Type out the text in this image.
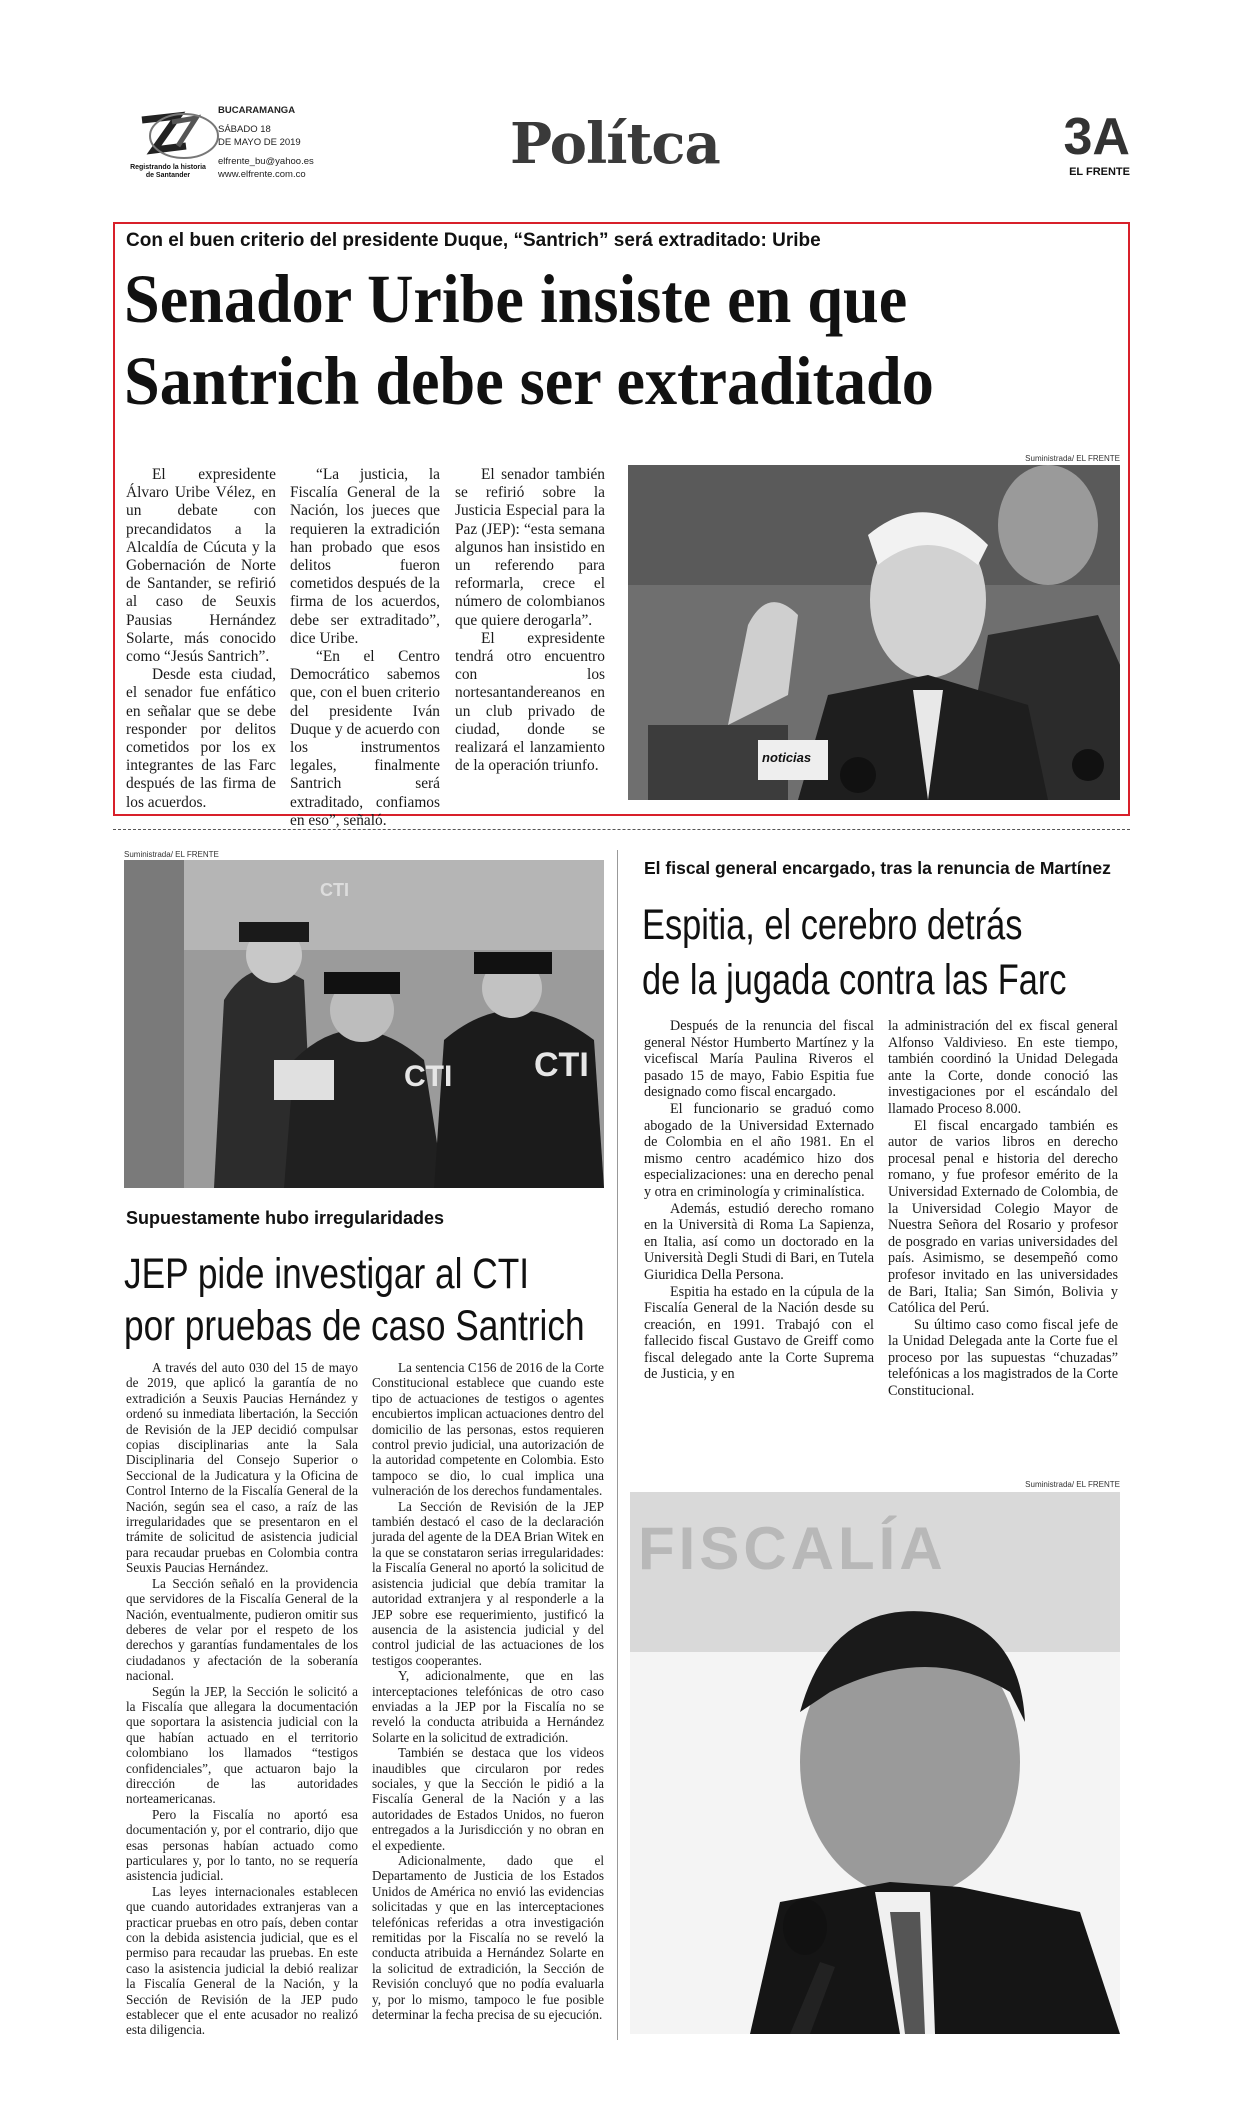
Registrando la historia de Santander
BUCARAMANGA
SÁBADO 18
DE MAYO DE 2019
elfrente_bu@yahoo.es
www.elfrente.com.co	Polítca	3A
EL FRENTE
Con el buen criterio del presidente Duque, “Santrich” será extraditado: Uribe
Senador Uribe insiste en que
Santrich debe ser extraditado

El expresidente Álvaro Uribe Vélez, en un debate con precandidatos a la Alcaldía de Cúcuta y la Gobernación de Norte de Santander, se refirió al caso de Seuxis Pausias Hernández Solarte, más conocido como “Jesús Santrich”.

Desde esta ciudad, el senador fue enfático en señalar que se debe responder por delitos cometidos por los ex integrantes de las Farc después de las firma de los acuerdos.

“La justicia, la Fiscalía General de la Nación, los jueces que requieren la extradición han probado que esos delitos fueron cometidos después de la firma de los acuerdos, debe ser extraditado”, dice Uribe.

“En el Centro Democrático sabemos que, con el buen criterio del presidente Iván Duque y de acuerdo con los instrumentos legales, finalmente Santrich será extraditado, confiamos en eso”, señaló.

El senador también se refirió sobre la Justicia Especial para la Paz (JEP): “esta semana algunos han insistido en un referendo para reformarla, crece el número de colombianos que quiere derogarla”.

El expresidente tendrá otro encuentro con los nortesantandereanos en un club privado de ciudad, donde se realizará el lanzamiento de la operación triunfo.

Suministrada/ EL FRENTE
noticias
Suministrada/ EL FRENTE
CTI
CTI CTI
Supuestamente hubo irregularidades
JEP pide investigar al CTI
por pruebas de caso Santrich

A través del auto 030 del 15 de mayo de 2019, que aplicó la garantía de no extradición a Seuxis Paucias Hernández y ordenó su inmediata libertación, la Sección de Revisión de la JEP decidió compulsar copias disciplinarias ante la Sala Disciplinaria del Consejo Superior o Seccional de la Judicatura y la Oficina de Control Interno de la Fiscalía General de la Nación, según sea el caso, a raíz de las irregularidades que se presentaron en el trámite de solicitud de asistencia judicial para recaudar pruebas en Colombia contra Seuxis Paucias Hernández.

La Sección señaló en la providencia que servidores de la Fiscalía General de la Nación, eventualmente, pudieron omitir sus deberes de velar por el respeto de los derechos y garantías fundamentales de los ciudadanos y afectación de la soberanía nacional.

Según la JEP, la Sección le solicitó a la Fiscalía que allegara la documentación que soportara la asistencia judicial con la que habían actuado en el territorio colombiano los llamados “testigos confidenciales”, que actuaron bajo la dirección de las autoridades norteamericanas.

Pero la Fiscalía no aportó esa documentación y, por el contrario, dijo que esas personas habían actuado como particulares y, por lo tanto, no se requería asistencia judicial.

Las leyes internacionales establecen que cuando autoridades extranjeras van a practicar pruebas en otro país, deben contar con la debida asistencia judicial, que es el permiso para recaudar las pruebas. En este caso la asistencia judicial la debió realizar la Fiscalía General de la Nación, y la Sección de Revisión de la JEP pudo establecer que el ente acusador no realizó esta diligencia.

La sentencia C156 de 2016 de la Corte Constitucional establece que cuando este tipo de actuaciones de testigos o agentes encubiertos implican actuaciones dentro del domicilio de las personas, estos requieren control previo judicial, una autorización de la autoridad competente en Colombia. Esto tampoco se dio, lo cual implica una vulneración de los derechos fundamentales.

La Sección de Revisión de la JEP también destacó el caso de la declaración jurada del agente de la DEA Brian Witek en la que se constataron serias irregularidades: la Fiscalía General no aportó la solicitud de asistencia judicial que debía tramitar la autoridad extranjera y al responderle a la JEP sobre ese requerimiento, justificó la ausencia de la asistencia judicial y del control judicial de las actuaciones de los testigos cooperantes.

Y, adicionalmente, que en las interceptaciones telefónicas de otro caso enviadas a la JEP por la Fiscalía no se reveló la conducta atribuida a Hernández Solarte en la solicitud de extradición.

También se destaca que los videos inaudibles que circularon por redes sociales, y que la Sección le pidió a la Fiscalía General de la Nación y a las autoridades de Estados Unidos, no fueron entregados a la Jurisdicción y no obran en el expediente.

Adicionalmente, dado que el Departamento de Justicia de los Estados Unidos de América no envió las evidencias solicitadas y que en las interceptaciones telefónicas referidas a otra investigación remitidas por la Fiscalía no se reveló la conducta atribuida a Hernández Solarte en la solicitud de extradición, la Sección de Revisión concluyó que no podía evaluarla y, por lo mismo, tampoco le fue posible determinar la fecha precisa de su ejecución.

El fiscal general encargado, tras la renuncia de Martínez
Espitia, el cerebro detrás
de la jugada contra las Farc

Después de la renuncia del fiscal general Néstor Humberto Martínez y la vicefiscal María Paulina Riveros el pasado 15 de mayo, Fabio Espitia fue designado como fiscal encargado.

El funcionario se graduó como abogado de la Universidad Externado de Colombia en el año 1981. En el mismo centro académico hizo dos especializaciones: una en derecho penal y otra en criminología y criminalística.

Además, estudió derecho romano en la Università di Roma La Sapienza, en Italia, así como un doctorado en la Università Degli Studi di Bari, en Tutela Giuridica Della Persona.

Espitia ha estado en la cúpula de la Fiscalía General de la Nación desde su creación, en 1991. Trabajó con el fallecido fiscal Gustavo de Greiff como fiscal delegado ante la Corte Suprema de Justicia, y en

la administración del ex fiscal general Alfonso Valdivieso. En este tiempo, también coordinó la Unidad Delegada ante la Corte, donde conoció las investigaciones por el escándalo del llamado Proceso 8.000.

El fiscal encargado también es autor de varios libros en derecho procesal penal e historia del derecho romano, y fue profesor emérito de la Universidad Externado de Colombia, de la Universidad Colegio Mayor de Nuestra Señora del Rosario y profesor de posgrado en varias universidades del país. Asimismo, se desempeñó como profesor invitado en las universidades de Bari, Italia; San Simón, Bolivia y Católica del Perú.

Su último caso como fiscal jefe de la Unidad Delegada ante la Corte fue el proceso por las supuestas “chuzadas” telefónicas a los magistrados de la Corte Constitucional.

Suministrada/ EL FRENTE
FISCALÍA
